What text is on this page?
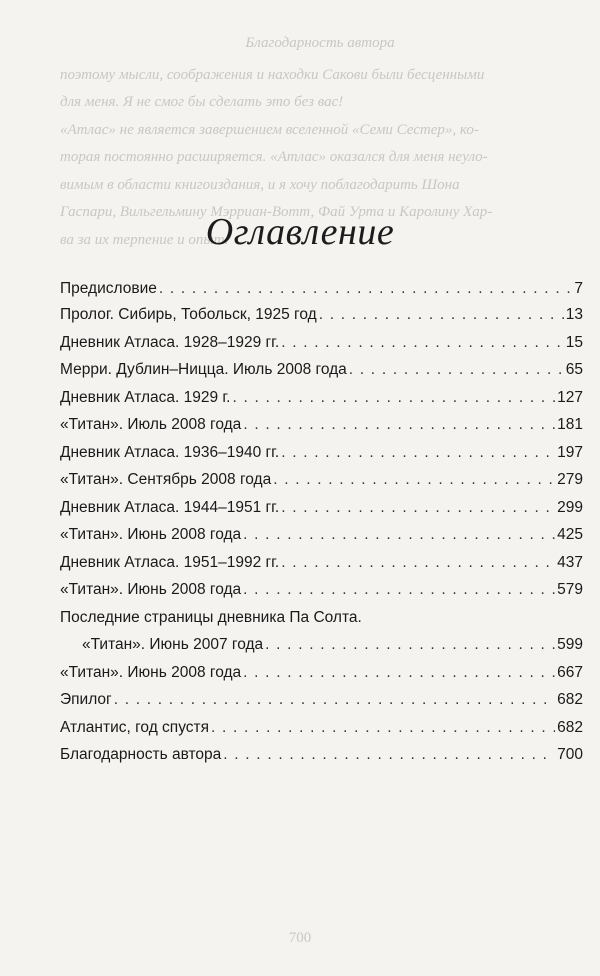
Благодарность автора

поэтому мысли, соображения и находки Сакови были бесценными

для меня. Я не смог бы сделать это без вас!

«Атлас» не является завершением вселенной «Семи Сестер», ко-

торая постоянно расширяется. «Атлас» оказался для меня неуло-

вимым в области книгоиздания, и я хочу поблагодарить Шона

Гаспари, Вильгельмину Мэрриан-Вотт, Фай Урта и Каролину Хар-

ва за их терпение и опыт.

700
Оглавление
Предисловие . . .	7
Пролог. Сибирь, Тобольск, 1925 год . . .	13
Дневник Атласа. 1928–1929 гг. . . .	15
Мерри. Дублин–Ницца. Июль 2008 года . . .	65
Дневник Атласа. 1929 г. . . .	127
«Титан». Июль 2008 года . . .	181
Дневник Атласа. 1936–1940 гг. . . .	197
«Титан». Сентябрь 2008 года . . .	279
Дневник Атласа. 1944–1951 гг. . . .	299
«Титан». Июнь 2008 года . . .	425
Дневник Атласа. 1951–1992 гг. . . .	437
«Титан». Июнь 2008 года . . .	579
Последние страницы дневника Па Солта.
«Титан». Июнь 2007 года . . .	599
«Титан». Июнь 2008 года . . .	667
Эпилог . . .	682
Атлантис, год спустя . . .	682
Благодарность автора . . .	700
